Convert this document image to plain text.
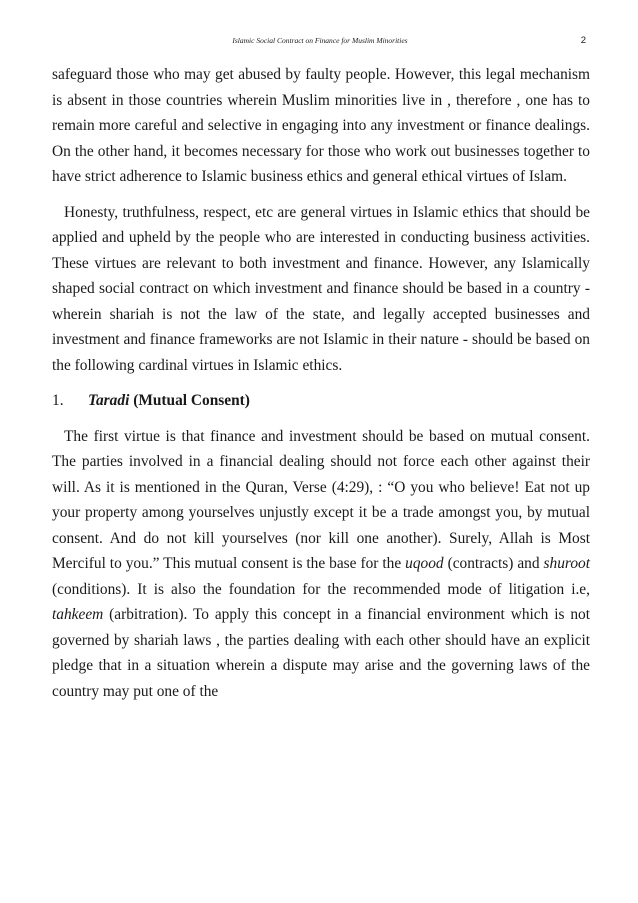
Islamic Social Contract on Finance for Muslim Minorities	2

safeguard those who may get abused by faulty people. However, this legal mechanism is absent in those countries wherein Muslim minorities live in , therefore , one has to remain more careful and selective in engaging into any investment or finance dealings. On the other hand, it becomes necessary for those who work out businesses together to have strict adherence to Islamic business ethics and general ethical virtues of Islam.

Honesty, truthfulness, respect, etc are general virtues in Islamic ethics that should be applied and upheld by the people who are interested in conducting business activities. These virtues are relevant to both investment and finance. However, any Islamically shaped social contract on which investment and finance should be based in a country - wherein shariah is not the law of the state, and legally accepted businesses and investment and finance frameworks are not Islamic in their nature - should be based on the following cardinal virtues in Islamic ethics.

1. Taradi (Mutual Consent)

The first virtue is that finance and investment should be based on mutual consent. The parties involved in a financial dealing should not force each other against their will. As it is mentioned in the Quran, Verse (4:29), : “O you who believe! Eat not up your property among yourselves unjustly except it be a trade amongst you, by mutual consent. And do not kill yourselves (nor kill one another). Surely, Allah is Most Merciful to you.” This mutual consent is the base for the uqood (contracts) and shuroot (conditions). It is also the foundation for the recommended mode of litigation i.e, tahkeem (arbitration). To apply this concept in a financial environment which is not governed by shariah laws , the parties dealing with each other should have an explicit pledge that in a situation wherein a dispute may arise and the governing laws of the country may put one of the
